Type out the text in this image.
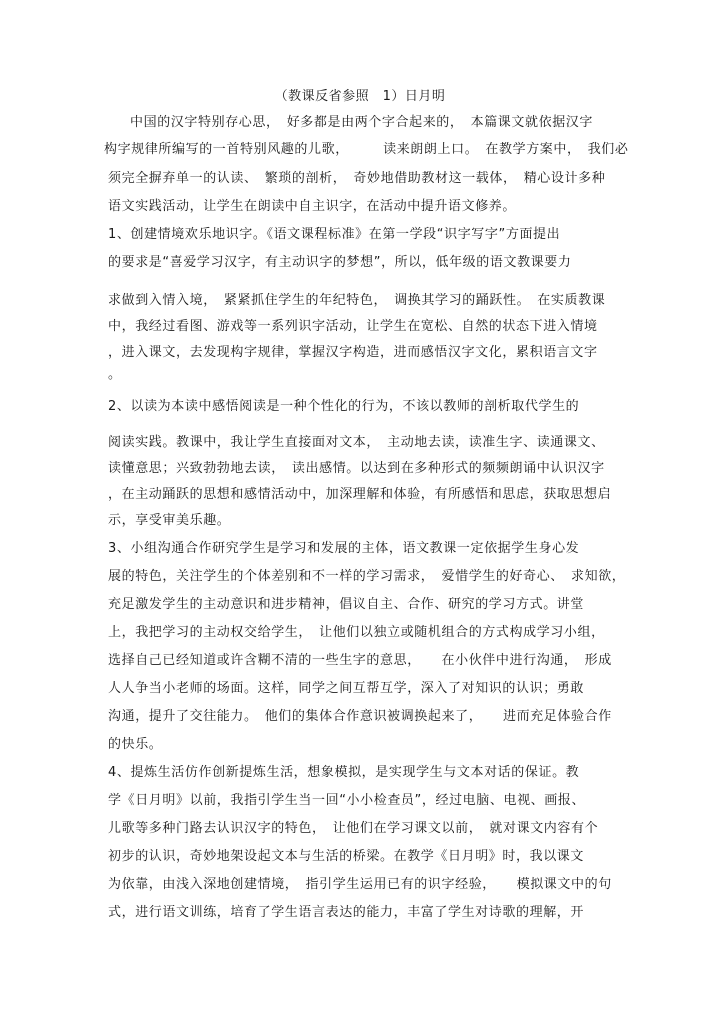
（教课反省参照　1）日月明
中国的汉字特别存心思，　好多都是由两个字合起来的，　本篇课文就依据汉字
构字规律所编写的一首特别风趣的儿歌，　　　读来朗朗上口。　在教学方案中，　我们必
须完全摒弃单一的认读、　繁琐的剖析，　奇妙地借助教材这一载体，　精心设计多种
语文实践活动，让学生在朗读中自主识字，在活动中提升语文修养。
1、创建情境欢乐地识字。《语文课程标准》在第一学段“识字写字”方面提出
的要求是“喜爱学习汉字，有主动识字的梦想”，所以，低年级的语文教课要力
求做到入情入境，　紧紧抓住学生的年纪特色，　调换其学习的踊跃性。　在实质教课
中，我经过看图、游戏等一系列识字活动，让学生在宽松、自然的状态下进入情境
，进入课文，去发现构字规律，掌握汉字构造，进而感悟汉字文化，累积语言文字
。
2、以读为本读中感悟阅读是一种个性化的行为，不该以教师的剖析取代学生的
阅读实践。教课中，我让学生直接面对文本，　主动地去读，读准生字、读通课文、
读懂意思；兴致勃勃地去读，　读出感情。以达到在多种形式的频频朗诵中认识汉字
，在主动踊跃的思想和感情活动中，加深理解和体验，有所感悟和思虑，获取思想启
示，享受审美乐趣。
3、小组沟通合作研究学生是学习和发展的主体，语文教课一定依据学生身心发
展的特色，关注学生的个体差别和不一样的学习需求，　爱惜学生的好奇心、　求知欲，
充足激发学生的主动意识和进步精神，倡议自主、合作、研究的学习方式。讲堂
上，我把学习的主动权交给学生，　让他们以独立或随机组合的方式构成学习小组，
选择自己已经知道或许含糊不清的一些生字的意思，　　在小伙伴中进行沟通，　形成
人人争当小老师的场面。这样，同学之间互帮互学，深入了对知识的认识；勇敢
沟通，提升了交往能力。　他们的集体合作意识被调换起来了，　　进而充足体验合作
的快乐。
4、提炼生活仿作创新提炼生活，想象模拟，是实现学生与文本对话的保证。教
学《日月明》以前，我指引学生当一回“小小检查员”，经过电脑、电视、画报、
儿歌等多种门路去认识汉字的特色，　让他们在学习课文以前，　就对课文内容有个
初步的认识，奇妙地架设起文本与生活的桥梁。在教学《日月明》时，我以课文
为依靠，由浅入深地创建情境，　指引学生运用已有的识字经验，　　模拟课文中的句
式，进行语文训练，培育了学生语言表达的能力，丰富了学生对诗歌的理解，开
